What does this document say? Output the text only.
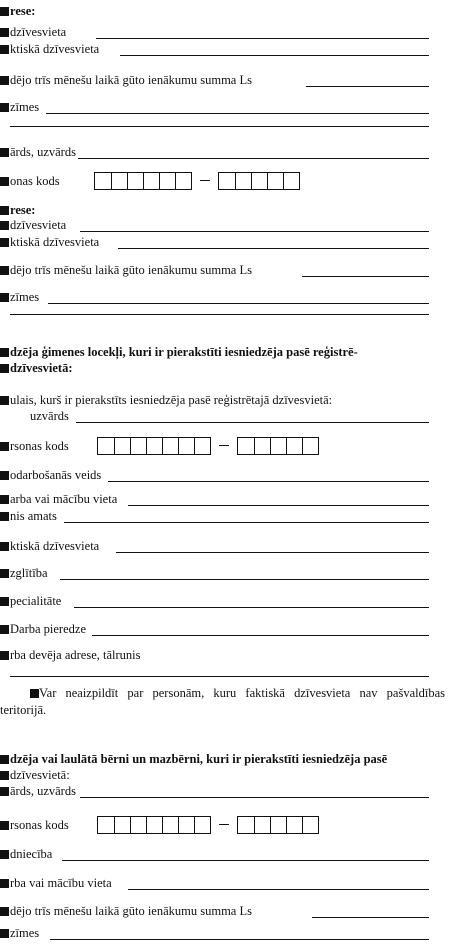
rese:
dzīvesvieta
ktiskā dzīvesvieta
dējo trīs mēnešu laikā gūto ienākumu summa Ls
zīmes
ārds, uzvārds
onas kods
rese:
dzīvesvieta
ktiskā dzīvesvieta
dējo trīs mēnešu laikā gūto ienākumu summa Ls
zīmes
dzēja ģimenes locekļi, kuri ir pierakstīti iesniedzēja pasē reģistrē-
dzīvesvietā:
ulais, kurš ir pierakstīts iesniedzēja pasē reģistrētajā dzīvesvietā:
uzvārds
rsonas kods
odarbošanās veids
arba vai mācību vieta
nis amats
ktiskā dzīvesvieta
zglītība
pecialitāte
Darba pieredze
rba devēja adrese, tālrunis
Var neaizpildīt par personām, kuru faktiskā dzīvesvieta nav pašvaldības teritorijā.
dzēja vai laulātā bērni un mazbērni, kuri ir pierakstīti iesniedzēja pasē
dzīvesvietā:
ārds, uzvārds
rsonas kods
dniecība
rba vai mācību vieta
dējo trīs mēnešu laikā gūto ienākumu summa Ls
zīmes
